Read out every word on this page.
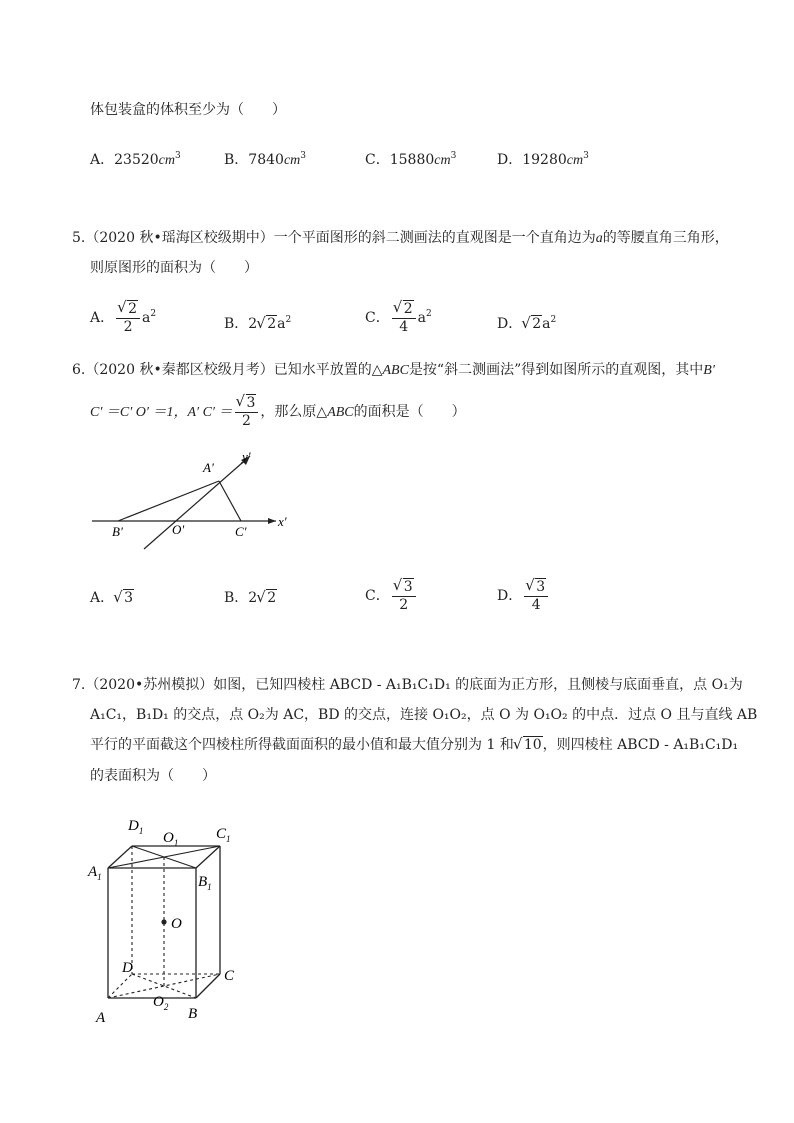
体包装盒的体积至少为（　　）
A．$23520cm^3$	B．$7840cm^3$	C．$15880cm^3$	D．$19280cm^3$
5.（2020 秋•瑶海区校级期中）一个平面图形的斜二测画法的直观图是一个直角边为a的等腰直角三角形，
则原图形的面积为（　　）
A． √ $\frac{2}{2} a^2$
B．2 √ $2a^2$	C． √ $\frac{2}{4} a^2$
D． √ $2a^2$
6.（2020 秋•秦都区校级月考）已知水平放置的△ABC是按“斜二测画法”得到如图所示的直观图，其中B′
C′ ＝C′ O′ ＝1，A′ C′ ＝ √ $\frac{3}{2}$ ，那么原△ABC的面积是（　　）
A'
y'
x'
B'	O'	C'
A． √ 3	B．2 √ 2	C． √ $\frac{3}{2}$	D． √ $\frac{3}{4}$
7.（2020•苏州模拟）如图，已知四棱柱 ABCD - A₁B₁C₁D₁ 的底面为正方形，且侧棱与底面垂直，点 O₁为
A₁C₁，B₁D₁ 的交点，点 O₂为 AC，BD 的交点，连接 O₁O₂，点 O 为 O₁O₂ 的中点．过点 O 且与直线 AB
平行的平面截这个四棱柱所得截面面积的最小值和最大值分别为 1 和 √ 10，则四棱柱 ABCD - A₁B₁C₁D₁
的表面积为（　　）
$D_1$ $O_1$
$C_1$
$A_1$	$B_1$
O
D	C
$O_2$
A	B
